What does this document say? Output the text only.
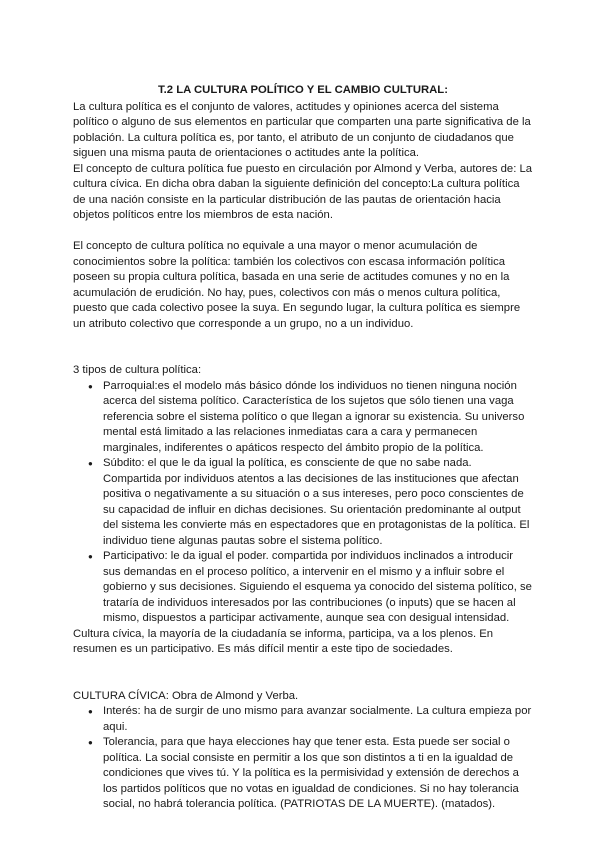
T.2 LA CULTURA POLÍTICO Y EL CAMBIO CULTURAL:

La cultura política es el conjunto de valores, actitudes y opiniones acerca del sistema político o alguno de sus elementos en particular que comparten una parte significativa de la población. La cultura política es, por tanto, el atributo de un conjunto de ciudadanos que siguen una misma pauta de orientaciones o actitudes ante la política.

El concepto de cultura política fue puesto en circulación por Almond y Verba, autores de: La cultura cívica. En dicha obra daban la siguiente definición del concepto:La cultura política de una nación consiste en la particular distribución de las pautas de orientación hacia objetos políticos entre los miembros de esta nación.

El concepto de cultura política no equivale a una mayor o menor acumulación de conocimientos sobre la política: también los colectivos con escasa información política poseen su propia cultura política, basada en una serie de actitudes comunes y no en la acumulación de erudición. No hay, pues, colectivos con más o menos cultura política, puesto que cada colectivo posee la suya. En segundo lugar, la cultura política es siempre un atributo colectivo que corresponde a un grupo, no a un individuo.

3 tipos de cultura política:

● Parroquial:es el modelo más básico dónde los individuos no tienen ninguna noción acerca del sistema político. Característica de los sujetos que sólo tienen una vaga referencia sobre el sistema político o que llegan a ignorar su existencia. Su universo mental está limitado a las relaciones inmediatas cara a cara y permanecen marginales, indiferentes o apáticos respecto del ámbito propio de la política.
● Súbdito: el que le da igual la política, es consciente de que no sabe nada. Compartida por individuos atentos a las decisiones de las instituciones que afectan positiva o negativamente a su situación o a sus intereses, pero poco conscientes de su capacidad de influir en dichas decisiones. Su orientación predominante al output del sistema les convierte más en espectadores que en protagonistas de la política. El individuo tiene algunas pautas sobre el sistema político.
● Participativo: le da igual el poder. compartida por individuos inclinados a introducir sus demandas en el proceso político, a intervenir en el mismo y a influir sobre el gobierno y sus decisiones. Siguiendo el esquema ya conocido del sistema político, se trataría de individuos interesados por las contribuciones (o inputs) que se hacen al mismo, dispuestos a participar activamente, aunque sea con desigual intensidad.

Cultura cívica, la mayoría de la ciudadanía se informa, participa, va a los plenos. En resumen es un participativo. Es más difícil mentir a este tipo de sociedades.

CULTURA CÍVICA: Obra de Almond y Verba.

● Interés: ha de surgir de uno mismo para avanzar socialmente. La cultura empieza por aqui.
● Tolerancia, para que haya elecciones hay que tener esta. Esta puede ser social o política. La social consiste en permitir a los que son distintos a ti en la igualdad de condiciones que vives tú. Y la política es la permisividad y extensión de derechos a los partidos políticos que no votas en igualdad de condiciones. Si no hay tolerancia social, no habrá tolerancia política. (PATRIOTAS DE LA MUERTE). (matados).
